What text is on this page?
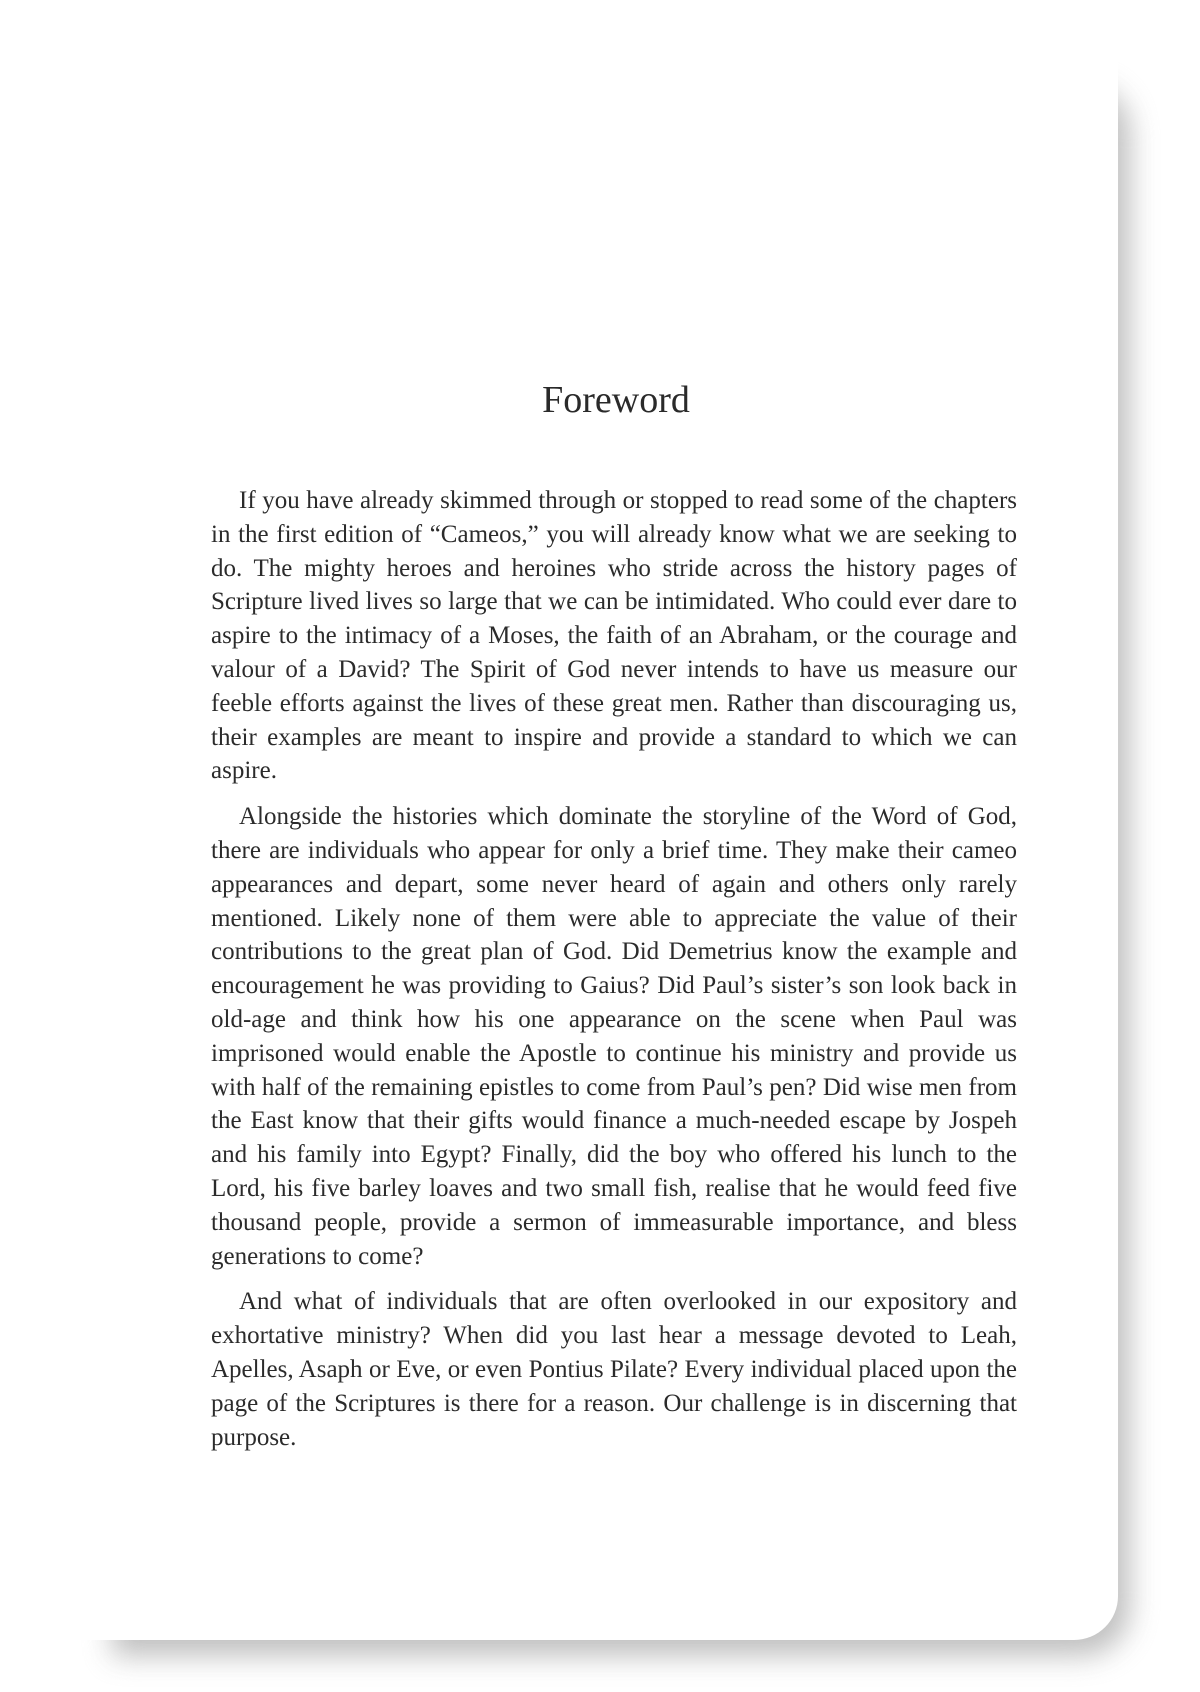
Foreword

If you have already skimmed through or stopped to read some of the chapters in the first edition of “Cameos,” you will already know what we are seeking to do. The mighty heroes and heroines who stride across the history pages of Scripture lived lives so large that we can be intimidated. Who could ever dare to aspire to the intimacy of a Moses, the faith of an Abraham, or the courage and valour of a David? The Spirit of God never intends to have us measure our feeble efforts against the lives of these great men. Rather than discouraging us, their examples are meant to inspire and provide a standard to which we can aspire.

Alongside the histories which dominate the storyline of the Word of God, there are individuals who appear for only a brief time. They make their cameo appearances and depart, some never heard of again and others only rarely mentioned. Likely none of them were able to appreciate the value of their contributions to the great plan of God. Did Demetrius know the example and encouragement he was providing to Gaius? Did Paul’s sister’s son look back in old-age and think how his one appearance on the scene when Paul was imprisoned would enable the Apostle to continue his ministry and provide us with half of the remaining epistles to come from Paul’s pen? Did wise men from the East know that their gifts would finance a much-needed escape by Jospeh and his family into Egypt? Finally, did the boy who offered his lunch to the Lord, his five barley loaves and two small fish, realise that he would feed five thousand people, provide a sermon of immeasurable importance, and bless generations to come?

And what of individuals that are often overlooked in our expository and exhortative ministry? When did you last hear a message devoted to Leah, Apelles, Asaph or Eve, or even Pontius Pilate? Every individual placed upon the page of the Scriptures is there for a reason. Our challenge is in discerning that purpose.
